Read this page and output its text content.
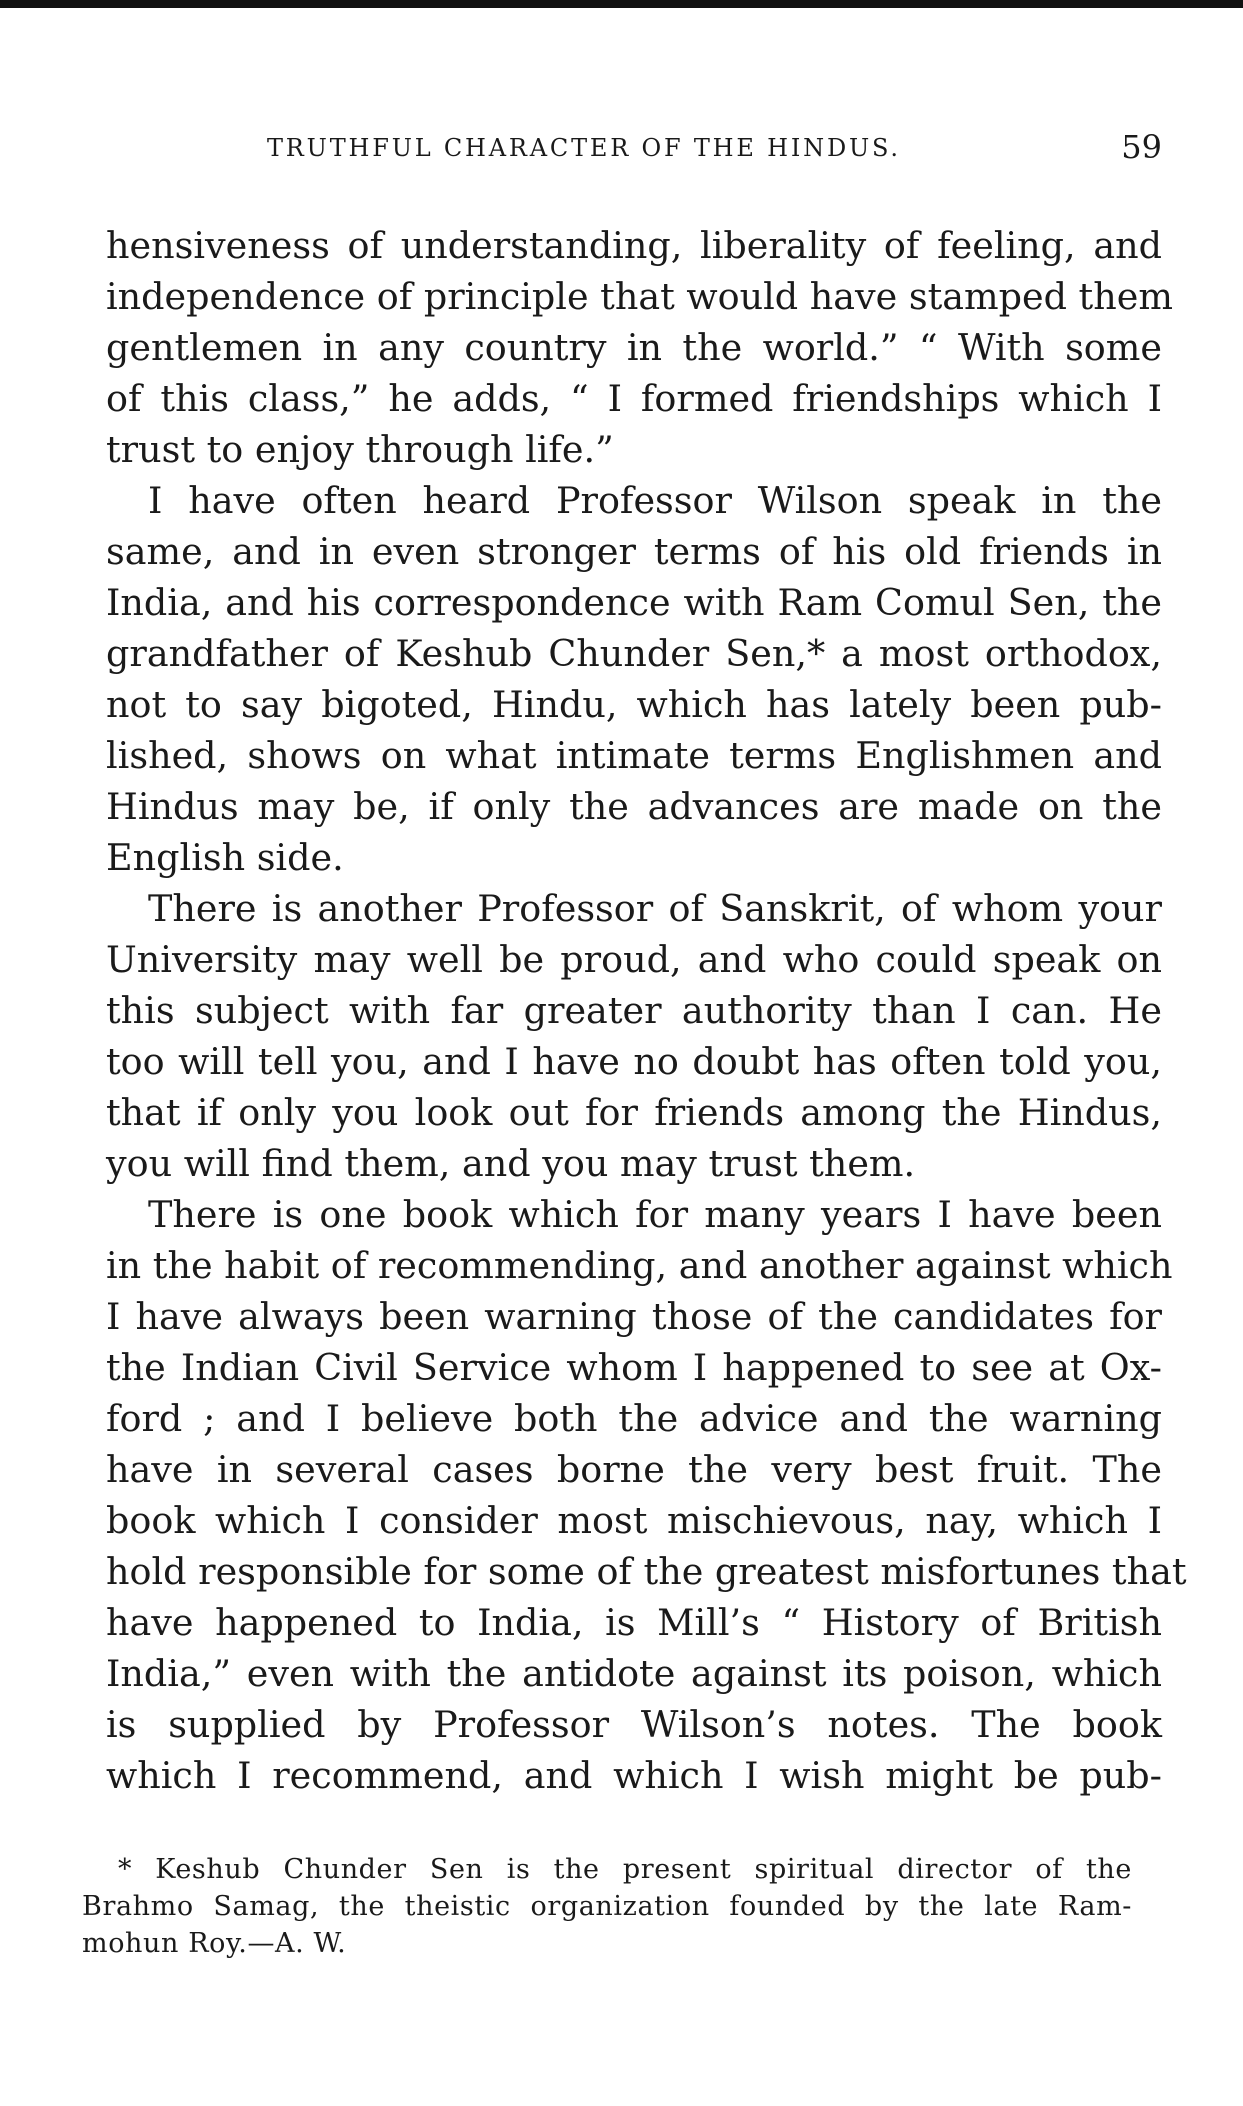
TRUTHFUL CHARACTER OF THE HINDUS.	59
hensiveness of understanding, liberality of feeling, and
independence of principle that would have stamped them
gentlemen in any country in the world.” “ With some
of this class,” he adds, “ I formed friendships which I
trust to enjoy through life.”
I have often heard Professor Wilson speak in the
same, and in even stronger terms of his old friends in
India, and his correspondence with Ram Comul Sen, the
grandfather of Keshub Chunder Sen,* a most orthodox,
not to say bigoted, Hindu, which has lately been pub-
lished, shows on what intimate terms Englishmen and
Hindus may be, if only the advances are made on the
English side.
There is another Professor of Sanskrit, of whom your
University may well be proud, and who could speak on
this subject with far greater authority than I can. He
too will tell you, and I have no doubt has often told you,
that if only you look out for friends among the Hindus,
you will find them, and you may trust them.
There is one book which for many years I have been
in the habit of recommending, and another against which
I have always been warning those of the candidates for
the Indian Civil Service whom I happened to see at Ox-
ford ; and I believe both the advice and the warning
have in several cases borne the very best fruit. The
book which I consider most mischievous, nay, which I
hold responsible for some of the greatest misfortunes that
have happened to India, is Mill’s “ History of British
India,” even with the antidote against its poison, which
is supplied by Professor Wilson’s notes. The book
which I recommend, and which I wish might be pub-
* Keshub Chunder Sen is the present spiritual director of the
Brahmo Samag, the theistic organization founded by the late Ram-
mohun Roy.—A. W.
